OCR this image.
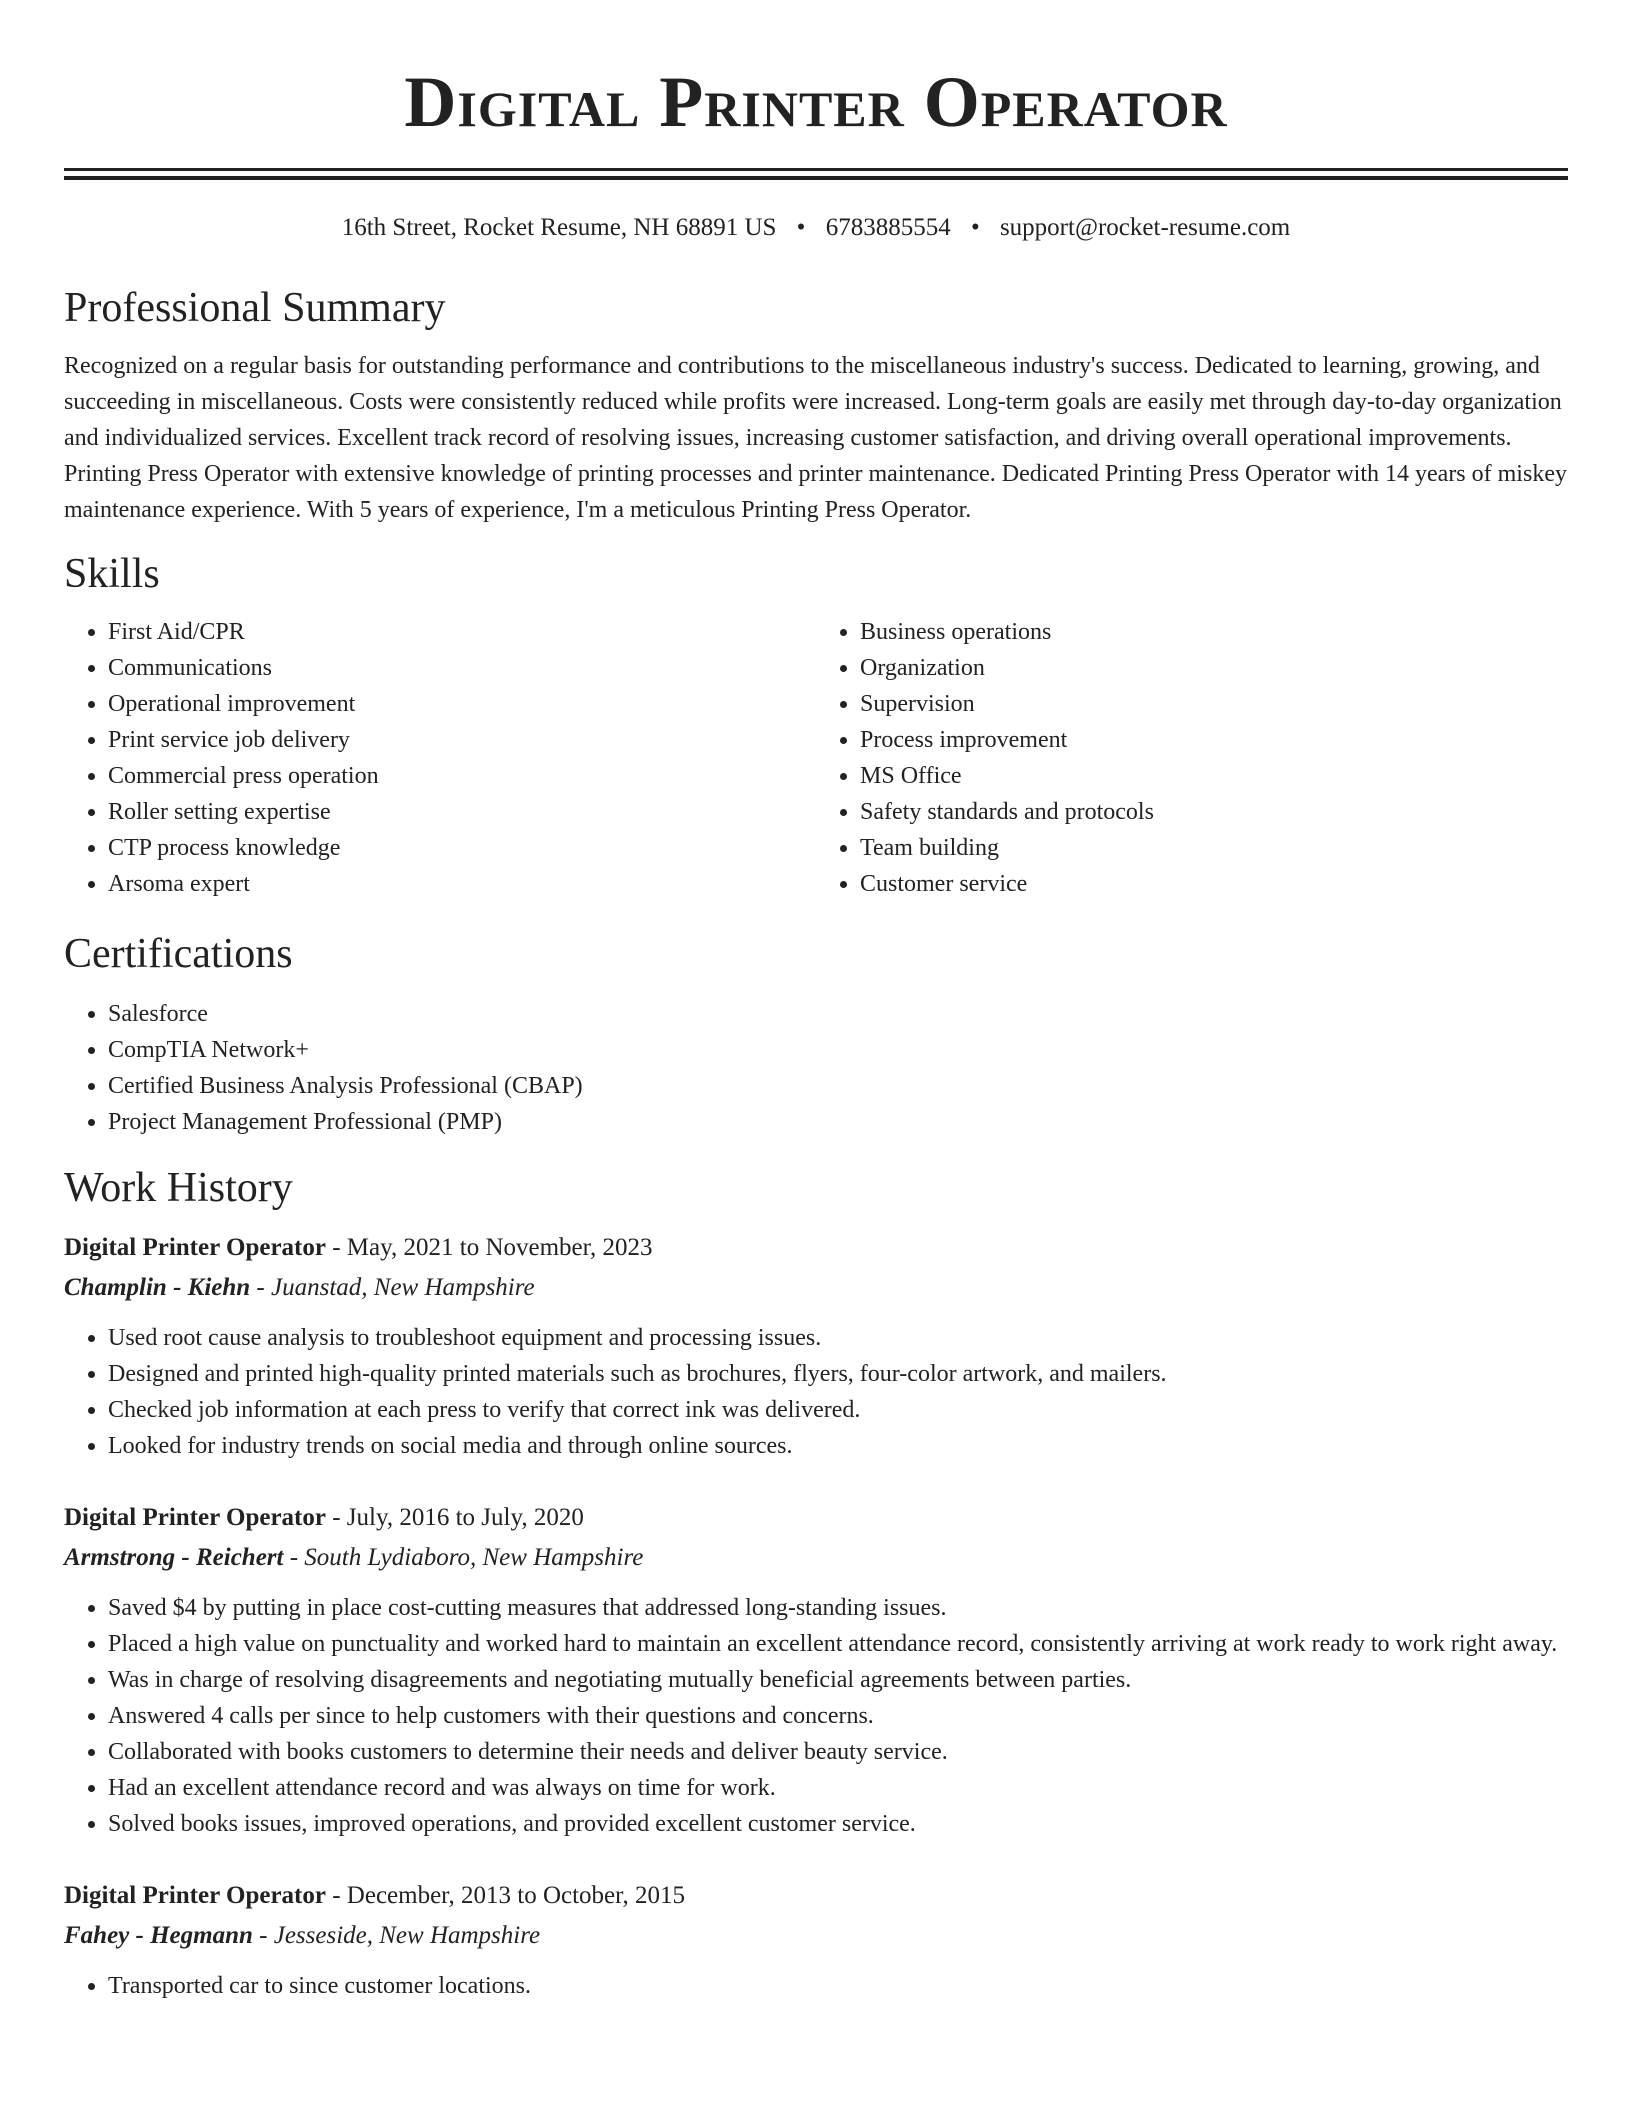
Digital Printer Operator
16th Street, Rocket Resume, NH 68891 US • 6783885554 • support@rocket-resume.com
Professional Summary

Recognized on a regular basis for outstanding performance and contributions to the miscellaneous industry's success. Dedicated to learning, growing, and succeeding in miscellaneous. Costs were consistently reduced while profits were increased. Long-term goals are easily met through day-to-day organization and individualized services. Excellent track record of resolving issues, increasing customer satisfaction, and driving overall operational improvements. Printing Press Operator with extensive knowledge of printing processes and printer maintenance. Dedicated Printing Press Operator with 14 years of miskey maintenance experience. With 5 years of experience, I'm a meticulous Printing Press Operator.

Skills
• First Aid/CPR
• Communications
• Operational improvement
• Print service job delivery
• Commercial press operation
• Roller setting expertise
• CTP process knowledge
• Arsoma expert
• Business operations
• Organization
• Supervision
• Process improvement
• MS Office
• Safety standards and protocols
• Team building
• Customer service
Certifications
• Salesforce
• CompTIA Network+
• Certified Business Analysis Professional (CBAP)
• Project Management Professional (PMP)
Work History
Digital Printer Operator - May, 2021 to November, 2023
Champlin - Kiehn - Juanstad, New Hampshire
• Used root cause analysis to troubleshoot equipment and processing issues.
• Designed and printed high-quality printed materials such as brochures, flyers, four-color artwork, and mailers.
• Checked job information at each press to verify that correct ink was delivered.
• Looked for industry trends on social media and through online sources.
Digital Printer Operator - July, 2016 to July, 2020
Armstrong - Reichert - South Lydiaboro, New Hampshire
• Saved $4 by putting in place cost-cutting measures that addressed long-standing issues.
• Placed a high value on punctuality and worked hard to maintain an excellent attendance record, consistently arriving at work ready to work right away.
• Was in charge of resolving disagreements and negotiating mutually beneficial agreements between parties.
• Answered 4 calls per since to help customers with their questions and concerns.
• Collaborated with books customers to determine their needs and deliver beauty service.
• Had an excellent attendance record and was always on time for work.
• Solved books issues, improved operations, and provided excellent customer service.
Digital Printer Operator - December, 2013 to October, 2015
Fahey - Hegmann - Jesseside, New Hampshire
• Transported car to since customer locations.
